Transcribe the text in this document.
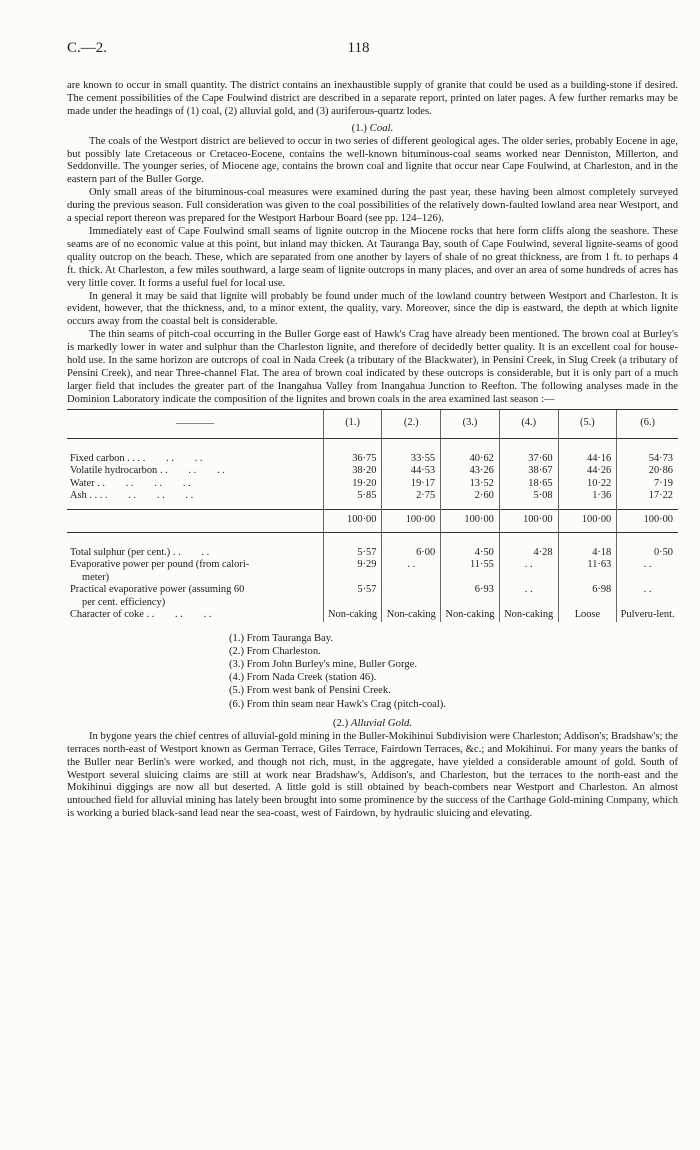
C.—2.	118

are known to occur in small quantity. The district contains an inexhaustible supply of granite that could be used as a building-stone if desired. The cement possibilities of the Cape Foulwind district are described in a separate report, printed on later pages. A few further remarks may be made under the headings of (1) coal, (2) alluvial gold, and (3) auriferous-quartz lodes.

(1.) Coal.

The coals of the Westport district are believed to occur in two series of different geological ages. The older series, probably Eocene in age, but possibly late Cretaceous or Cretaceo-Eocene, contains the well-known bituminous-coal seams worked near Denniston, Millerton, and Seddonville. The younger series, of Miocene age, contains the brown coal and lignite that occur near Cape Foulwind, at Charleston, and in the eastern part of the Buller Gorge.

Only small areas of the bituminous-coal measures were examined during the past year, these having been almost completely surveyed during the previous season. Full consideration was given to the coal possibilities of the relatively down-faulted lowland area near Westport, and a special report thereon was prepared for the Westport Harbour Board (see pp. 124–126).

Immediately east of Cape Foulwind small seams of lignite outcrop in the Miocene rocks that here form cliffs along the seashore. These seams are of no economic value at this point, but inland may thicken. At Tauranga Bay, south of Cape Foulwind, several lignite-seams of good quality outcrop on the beach. These, which are separated from one another by layers of shale of no great thickness, are from 1 ft. to perhaps 4 ft. thick. At Charleston, a few miles southward, a large seam of lignite outcrops in many places, and over an area of some hundreds of acres has very little cover. It forms a useful fuel for local use.

In general it may be said that lignite will probably be found under much of the lowland country between Westport and Charleston. It is evident, however, that the thickness, and, to a minor extent, the quality, vary. Moreover, since the dip is eastward, the depth at which lignite occurs away from the coastal belt is considerable.

The thin seams of pitch-coal occurring in the Buller Gorge east of Hawk's Crag have already been mentioned. The brown coal at Burley's is markedly lower in water and sulphur than the Charleston lignite, and therefore of decidedly better quality. It is an excellent coal for house-hold use. In the same horizon are outcrops of coal in Nada Creek (a tributary of the Blackwater), in Pensini Creek, in Slug Creek (a tributary of Pensini Creek), and near Three-channel Flat. The area of brown coal indicated by these outcrops is considerable, but it is only part of a much larger field that includes the greater part of the Inangahua Valley from Inangahua Junction to Reefton. The following analyses made in the Dominion Laboratory indicate the composition of the lignites and brown coals in the area examined last season :—

	(1.)	(2.)	(3.)	(4.)	(5.)	(6.)

Fixed carbon . . . .        . .        . .	36·75	33·55	40·62	37·60	44·16	54·73
Volatile hydrocarbon . .        . .        . .	38·20	44·53	43·26	38·67	44·26	20·86
Water . .        . .        . .        . .	19·20	19·17	13·52	18·65	10·22	7·19
Ash . . . .        . .        . .        . .	5·85	2·75	2·60	5·08	1·36	17·22

	100·00	100·00	100·00	100·00	100·00	100·00

Total sulphur (per cent.) . .        . .	5·57	6·00	4·50	4·28	4·18	0·50
Evaporative power per pound (from calori-
meter)	9·29	. .	11·55	. .	11·63	. .
Practical evaporative power (assuming 60
per cent. efficiency)	5·57		6·93	. .	6·98	. .
Character of coke . .        . .        . .	Non-caking	Non-caking	Non-caking	Non-caking	Loose	Pulveru-lent.
(1.) From Tauranga Bay.
(2.) From Charleston.
(3.) From John Burley's mine, Buller Gorge.
(4.) From Nada Creek (station 46).
(5.) From west bank of Pensini Creek.
(6.) From thin seam near Hawk's Crag (pitch-coal).
(2.) Alluvial Gold.

In bygone years the chief centres of alluvial-gold mining in the Buller-Mokihinui Subdivision were Charleston; Addison's; Bradshaw's; the terraces north-east of Westport known as German Terrace, Giles Terrace, Fairdown Terraces, &c.; and Mokihinui. For many years the banks of the Buller near Berlin's were worked, and though not rich, must, in the aggregate, have yielded a considerable amount of gold. South of Westport several sluicing claims are still at work near Bradshaw's, Addison's, and Charleston, but the terraces to the north-east and the Mokihinui diggings are now all but deserted. A little gold is still obtained by beach-combers near Westport and Charleston. An almost untouched field for alluvial mining has lately been brought into some prominence by the success of the Carthage Gold-mining Company, which is working a buried black-sand lead near the sea-coast, west of Fairdown, by hydraulic sluicing and elevating.
